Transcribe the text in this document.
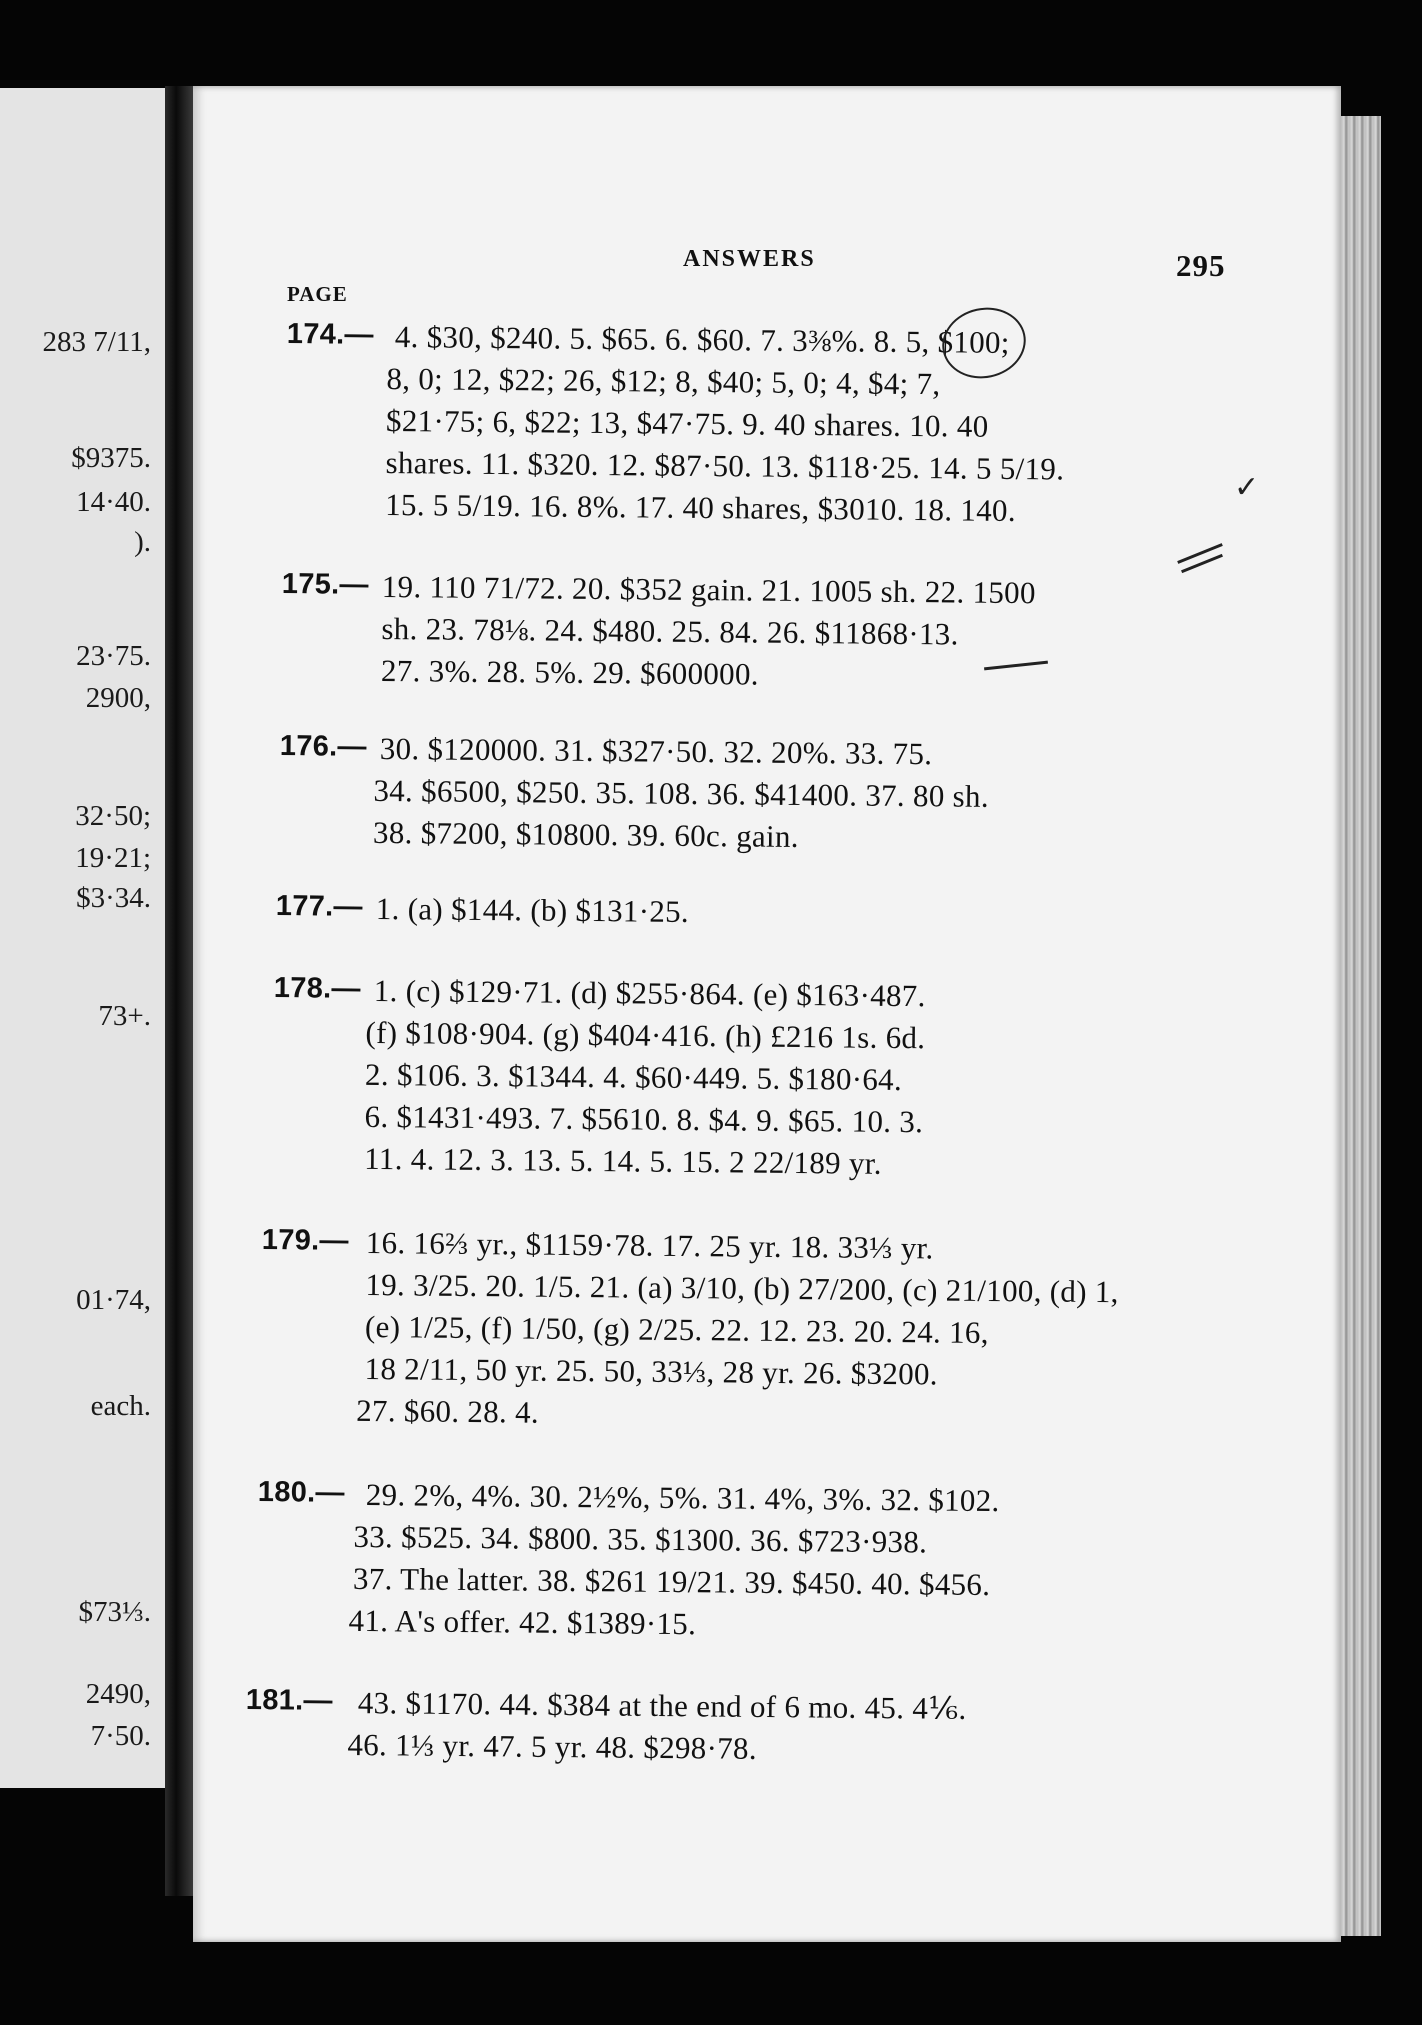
283 7/11,
$9375.
14·40.
).
23·75.
2900,
32·50;
19·21;
$3·34.
73+.
01·74,
each.
$73⅓.
2490,
7·50.
ANSWERS	295
PAGE
174.— 4. $30, $240. 5. $65. 6. $60. 7. 3⅜%. 8. 5, $100;
8, 0; 12, $22; 26, $12; 8, $40; 5, 0; 4, $4; 7,
$21·75; 6, $22; 13, $47·75. 9. 40 shares. 10. 40
shares. 11. $320. 12. $87·50. 13. $118·25. 14. 5 5/19.
15. 5 5/19. 16. 8%. 17. 40 shares, $3010. 18. 140.
175.— 19. 110 71/72. 20. $352 gain. 21. 1005 sh. 22. 1500
sh. 23. 78⅛. 24. $480. 25. 84. 26. $11868·13.
27. 3%. 28. 5%. 29. $600000.
176.— 30. $120000. 31. $327·50. 32. 20%. 33. 75.
34. $6500, $250. 35. 108. 36. $41400. 37. 80 sh.
38. $7200, $10800. 39. 60c. gain.
177.— 1. (a) $144. (b) $131·25.
178.— 1. (c) $129·71. (d) $255·864. (e) $163·487.
(f) $108·904. (g) $404·416. (h) £216 1s. 6d.
2. $106. 3. $1344. 4. $60·449. 5. $180·64.
6. $1431·493. 7. $5610. 8. $4. 9. $65. 10. 3.
11. 4. 12. 3. 13. 5. 14. 5. 15. 2 22/189 yr.
179.— 16. 16⅔ yr., $1159·78. 17. 25 yr. 18. 33⅓ yr.
19. 3/25. 20. 1/5. 21. (a) 3/10, (b) 27/200, (c) 21/100, (d) 1,
(e) 1/25, (f) 1/50, (g) 2/25. 22. 12. 23. 20. 24. 16,
18 2/11, 50 yr. 25. 50, 33⅓, 28 yr. 26. $3200.
27. $60. 28. 4.
180.— 29. 2%, 4%. 30. 2½%, 5%. 31. 4%, 3%. 32. $102.
33. $525. 34. $800. 35. $1300. 36. $723·938.
37. The latter. 38. $261 19/21. 39. $450. 40. $456.
41. A's offer. 42. $1389·15.
181.— 43. $1170. 44. $384 at the end of 6 mo. 45. 4⅙.
46. 1⅓ yr. 47. 5 yr. 48. $298·78.
✓
